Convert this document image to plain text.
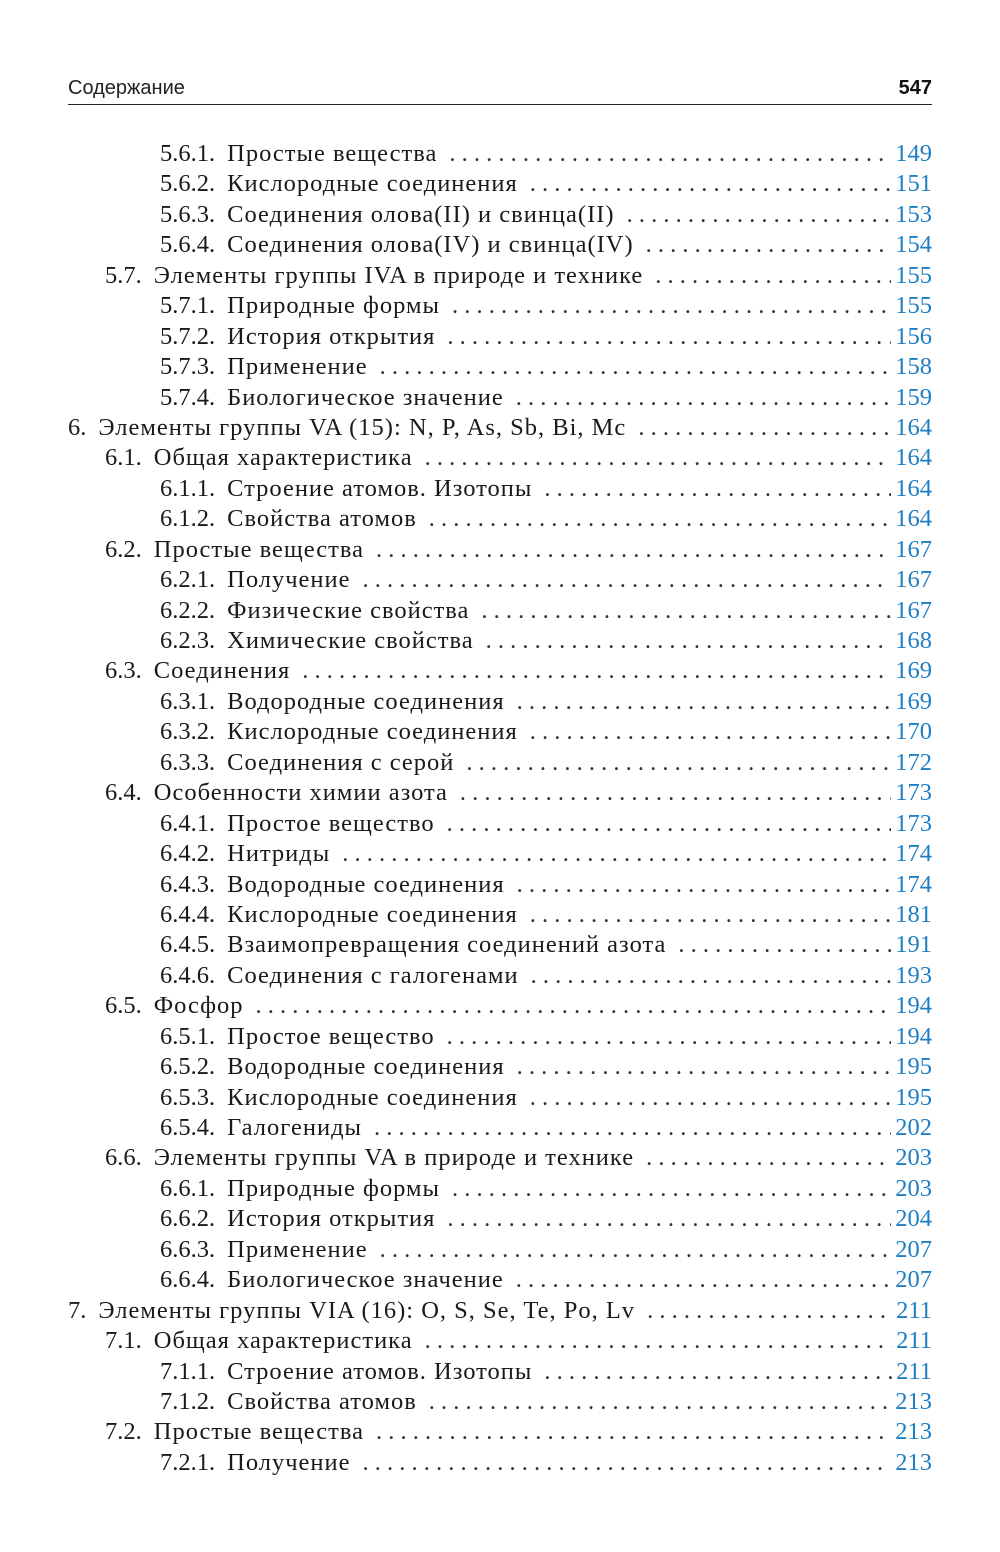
Содержание	547
5.6.1. Простые вещества . . .	149
5.6.2. Кислородные соединения . . .	151
5.6.3. Соединения олова(II) и свинца(II) . . .	153
5.6.4. Соединения олова(IV) и свинца(IV) . . .	154
5.7. Элементы группы IVA в природе и технике . . .	155
5.7.1. Природные формы . . .	155
5.7.2. История открытия . . .	156
5.7.3. Применение . . .	158
5.7.4. Биологическое значение . . .	159
6. Элементы группы VA (15): N, P, As, Sb, Bi, Mc . . .	164
6.1. Общая характеристика . . .	164
6.1.1. Строение атомов. Изотопы . . .	164
6.1.2. Свойства атомов . . .	164
6.2. Простые вещества . . .	167
6.2.1. Получение . . .	167
6.2.2. Физические свойства . . .	167
6.2.3. Химические свойства . . .	168
6.3. Соединения . . .	169
6.3.1. Водородные соединения . . .	169
6.3.2. Кислородные соединения . . .	170
6.3.3. Соединения с серой . . .	172
6.4. Особенности химии азота . . .	173
6.4.1. Простое вещество . . .	173
6.4.2. Нитриды . . .	174
6.4.3. Водородные соединения . . .	174
6.4.4. Кислородные соединения . . .	181
6.4.5. Взаимопревращения соединений азота . . .	191
6.4.6. Соединения с галогенами . . .	193
6.5. Фосфор . . .	194
6.5.1. Простое вещество . . .	194
6.5.2. Водородные соединения . . .	195
6.5.3. Кислородные соединения . . .	195
6.5.4. Галогениды . . .	202
6.6. Элементы группы VA в природе и технике . . .	203
6.6.1. Природные формы . . .	203
6.6.2. История открытия . . .	204
6.6.3. Применение . . .	207
6.6.4. Биологическое значение . . .	207
7. Элементы группы VIA (16): O, S, Se, Te, Po, Lv . . .	211
7.1. Общая характеристика . . .	211
7.1.1. Строение атомов. Изотопы . . .	211
7.1.2. Свойства атомов . . .	213
7.2. Простые вещества . . .	213
7.2.1. Получение . . .	213
